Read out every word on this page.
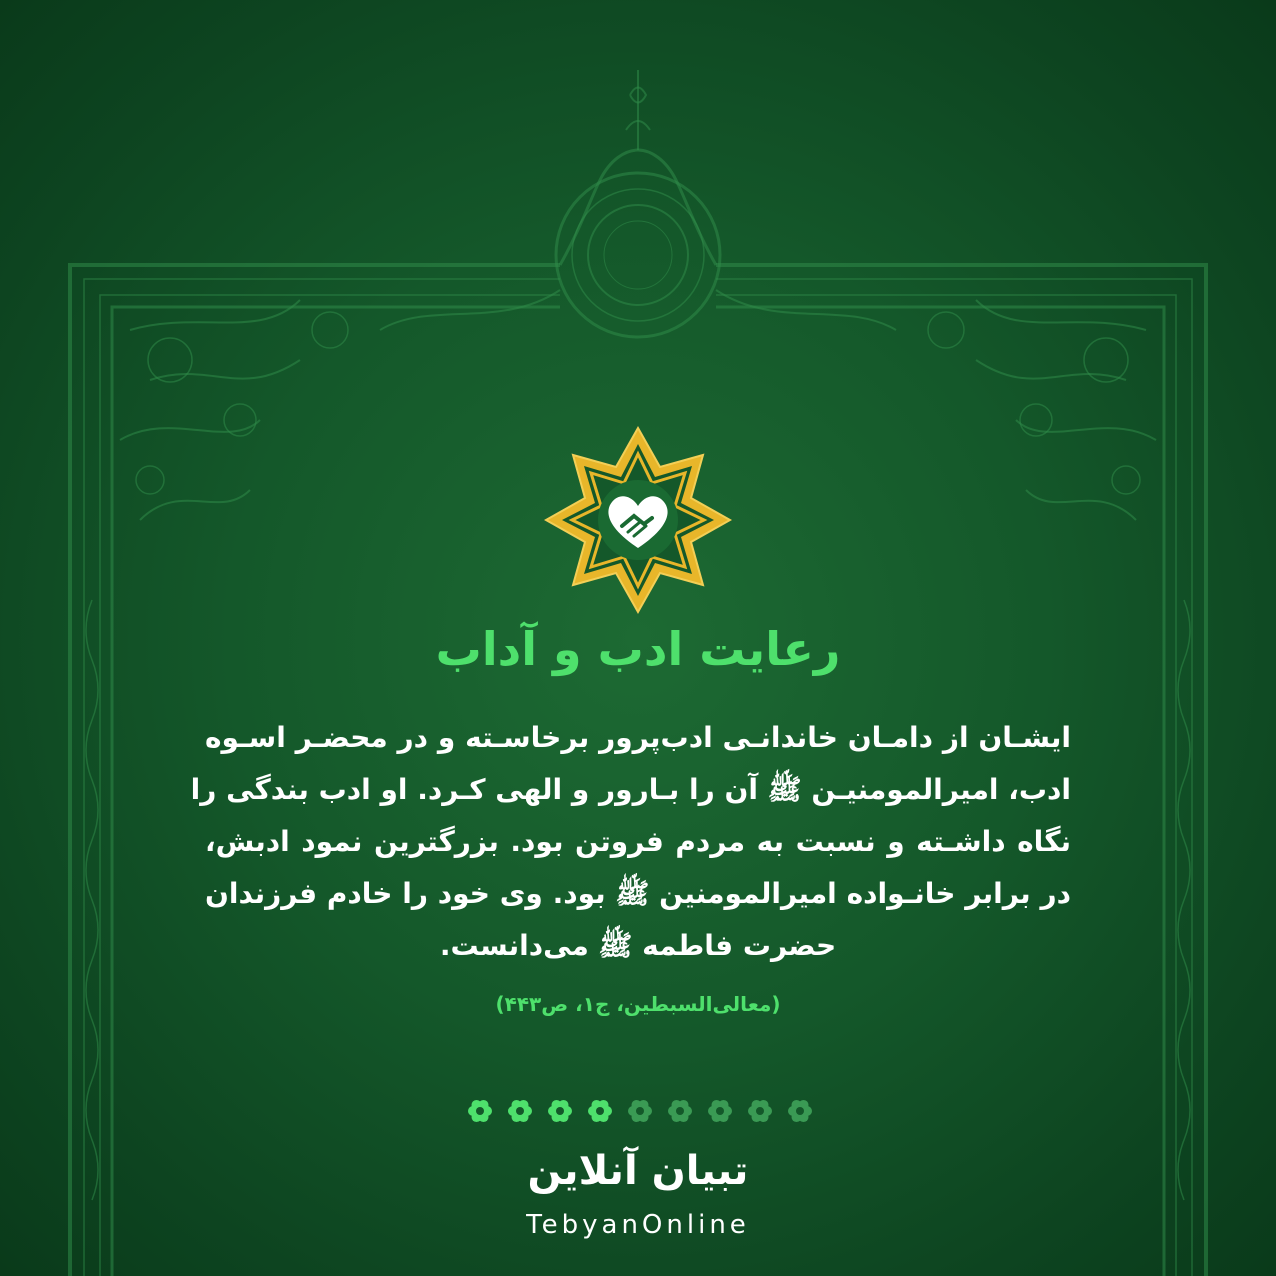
رعایت ادب و آداب
ایشـان از دامـان خاندانـی ادب‌پرور برخاسـته و در محضـر اسـوه
ادب، امیرالمومنیـن ﷺ آن را بـارور و الهی کـرد. او ادب بندگی را
نگاه داشـته و نسبت به مردم فروتن بود. بزرگترین نمود ادبش،
در برابر خانـواده امیرالمومنین ﷺ بود. وی خود را خادم فرزندان
حضرت فاطمه ﷺ می‌دانست.
(معالی‌السبطین، ج۱، ص۴۴۳)
تبیان آنلاین
TebyanOnline
